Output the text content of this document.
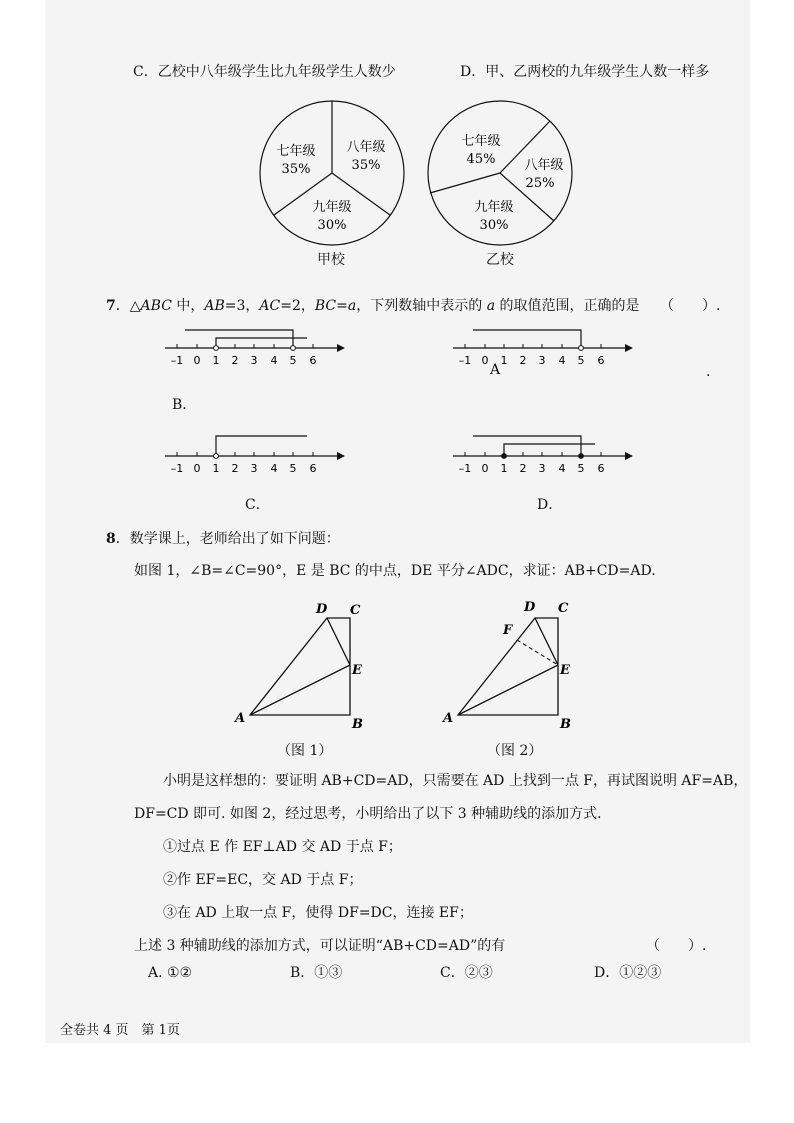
C．乙校中八年级学生比九年级学生人数少	D．甲、乙两校的九年级学生人数一样多
七年级
35%
八年级
35%
九年级
30%
甲校
七年级
45% 八年级
25%
九年级
30%
乙校
7．△ABC 中，AB=3，AC=2，BC=a，下列数轴中表示的 a 的取值范围，正确的是 （　　）.
–1 0 1 2 3 4 5 6	–1 0 1 2 3 4 5 6
A	.
B．
–1 0 1 2 3 4 5 6
C．
–1 0 1 2 3 4 5 6
D．
8．数学课上，老师给出了如下问题：
如图 1，∠B=∠C=90°，E 是 BC 的中点，DE 平分∠ADC，求证：AB+CD=AD.
D C
E
A	B
（图 1）
D C
F
E
A	B
（图 2）
小明是这样想的：要证明 AB+CD=AD，只需要在 AD 上找到一点 F，再试图说明 AF=AB，
DF=CD 即可. 如图 2，经过思考，小明给出了以下 3 种辅助线的添加方式.
①过点 E 作 EF⊥AD 交 AD 于点 F；
②作 EF=EC，交 AD 于点 F；
③在 AD 上取一点 F，使得 DF=DC，连接 EF；
上述 3 种辅助线的添加方式，可以证明“AB+CD=AD”的有	（　　）.
A. ①②	B．①③	C．②③	D．①②③
全卷共 4 页　第 1页
